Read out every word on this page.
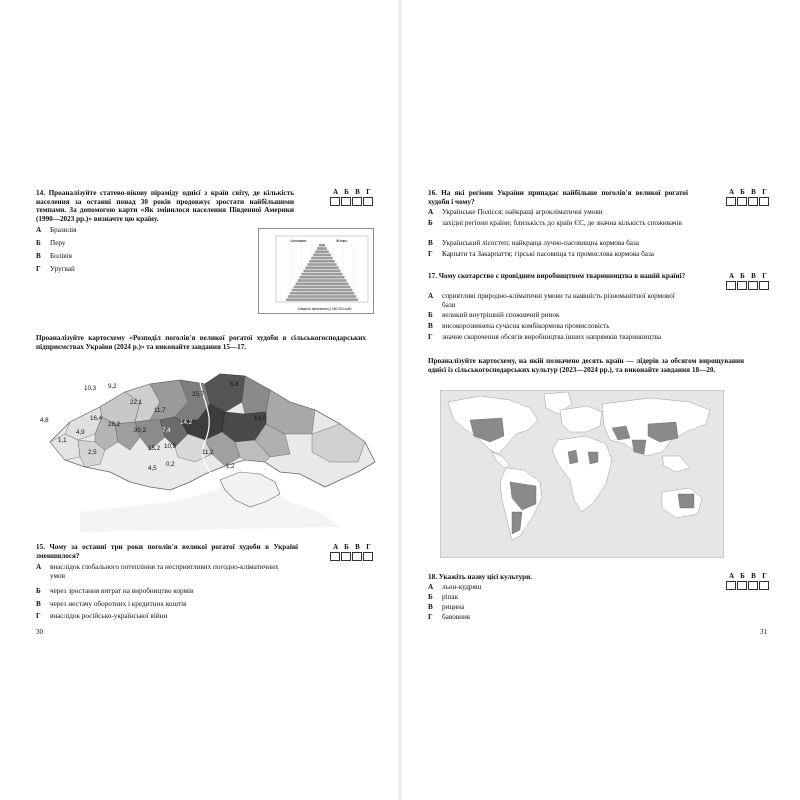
14. Проаналізуйте статево-вікову піраміду однієї з країн світу, де кількість населення за останні понад 30 років продовжує зростати найбільшими темпами. За допомогою карти «Як змінилося населення Південної Америки (1990—2023 рр.)» визначте цю країну.
А Б В Г
А Бразилія
Б Перу
В Болівія
Г Уругвай
Чоловіки	Жінки
Кількість населення (1 000 000 осіб)
Проаналізуйте картосхему «Розподіл поголів'я великої рогатої худоби в сільськогосподарських підприємствах України (2024 р.)» та виконайте завдання 15—17.
10,3 9,2
22,1
11,7
25,7
6,8
16,4
28,2
4,8
30,2
19,0
7,4
1,1
4,9
15,2
2,5
10,5
11,2
4,5
0,2	1,2
14,2
15. Чому за останні три роки поголів'я великої рогатої худоби в Україні зменшилося?
А Б В Г
А внаслідок глобального потепління та несприятливих погодно-кліматичних умов
Б через зростання витрат на виробництво кормів
В через нестачу оборотних і кредитних коштів
Г внаслідок російсько-української війни
30
16. На які регіони України припадає найбільше поголів'я великої рогатої худоби і чому?
А Б В Г
А Українське Полісся; найкращі агрокліматичні умови
Б західні регіони країни; близькість до країн ЄС, де значна кількість споживачів
В Український лісостеп; найкраща лучно-пасовищна кормова база
Г Карпати та Закарпаття; гірські пасовища та промислова кормова база
17. Чому скотарство є провідним виробництвом тваринництва в нашій країні?	А Б В Г
А сприятливі природно-кліматичні умови та наявність різноманітної кормової бази
Б великий внутрішній споживчий ринок
В високорозвинена сучасна комбікормова промисловість
Г значне скорочення обсягів виробництва інших напрямків тваринництва
Проаналізуйте картосхему, на якій позначено десять країн — лідерів за обсягом вирощування однієї із сільськогосподарських культур (2023—2024 рр.), та виконайте завдання 18—20.
18. Укажіть назву цієї культури.	А Б В Г
А льон-кудряш
Б ріпак
В рицина
Г бавовник
31
